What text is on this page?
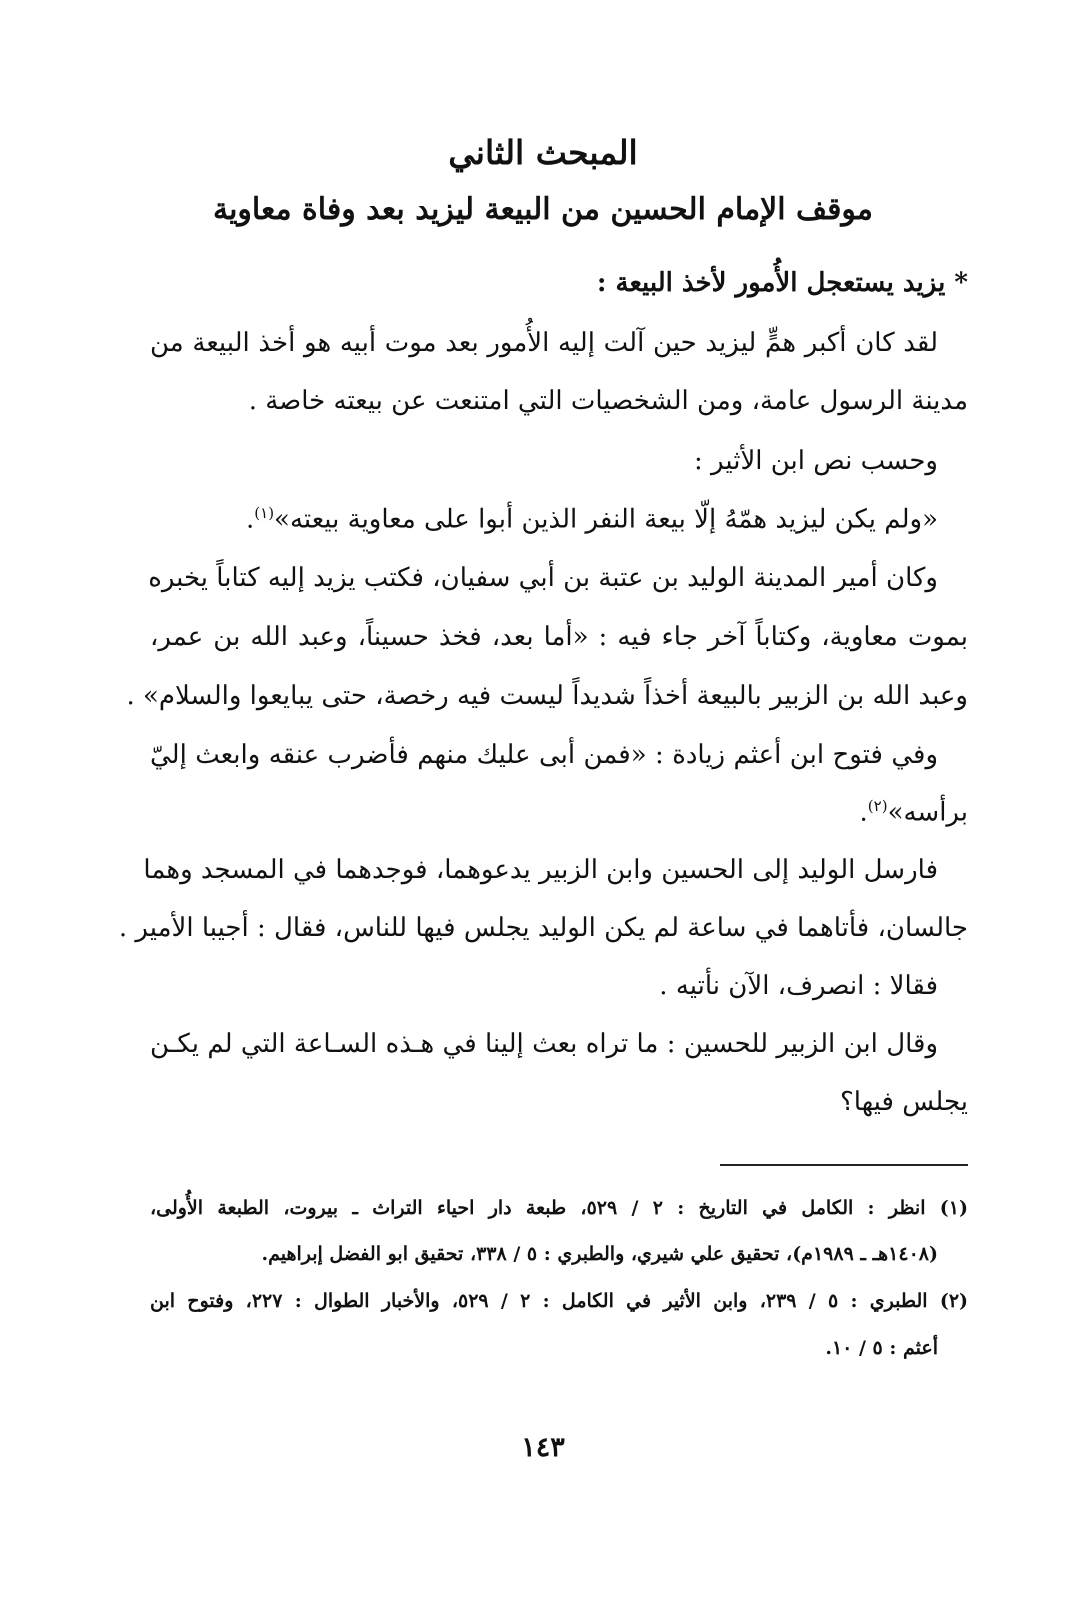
المبحث الثاني
موقف الإمام الحسين من البيعة ليزيد بعد وفاة معاوية
* يزيد يستعجل الأُمور لأخذ البيعة :
لقد كان أكبر همٍّ ليزيد حين آلت إليه الأُمور بعد موت أبيه هو أخذ البيعة من
مدينة الرسول عامة، ومن الشخصيات التي امتنعت عن بيعته خاصة .
وحسب نص ابن الأثير :
«ولم يكن ليزيد همّهُ إلّا بيعة النفر الذين أبوا على معاوية بيعته»$^{(١)}$.
وكان أمير المدينة الوليد بن عتبة بن أبي سفيان، فكتب يزيد إليه كتاباً يخبره
بموت معاوية، وكتاباً آخر جاء فيه : «أما بعد، فخذ حسيناً، وعبد الله بن عمر،
وعبد الله بن الزبير بالبيعة أخذاً شديداً ليست فيه رخصة، حتى يبايعوا والسلام» .
وفي فتوح ابن أعثم زيادة : «فمن أبى عليك منهم فأضرب عنقه وابعث إليّ
برأسه»$^{(٢)}$.
فارسل الوليد إلى الحسين وابن الزبير يدعوهما، فوجدهما في المسجد وهما
جالسان، فأتاهما في ساعة لم يكن الوليد يجلس فيها للناس، فقال : أجيبا الأمير .
فقالا : انصرف، الآن نأتيه .
وقال ابن الزبير للحسين : ما تراه بعث إلينا في هـذه السـاعة التي لم يكـن
يجلس فيها؟
(١) انظر : الكامل في التاريخ : ٢ / ٥٢٩، طبعة دار احياء التراث ـ بيروت، الطبعة الأُولى،
(١٤٠٨هـ ـ ١٩٨٩م)، تحقيق علي شيري، والطبري : ٥ / ٣٣٨، تحقيق ابو الفضل إبراهيم.
(٢) الطبري : ٥ / ٢٣٩، وابن الأثير في الكامل : ٢ / ٥٢٩، والأخبار الطوال : ٢٢٧، وفتوح ابن
أعثم : ٥ / ١٠.
١٤٣
